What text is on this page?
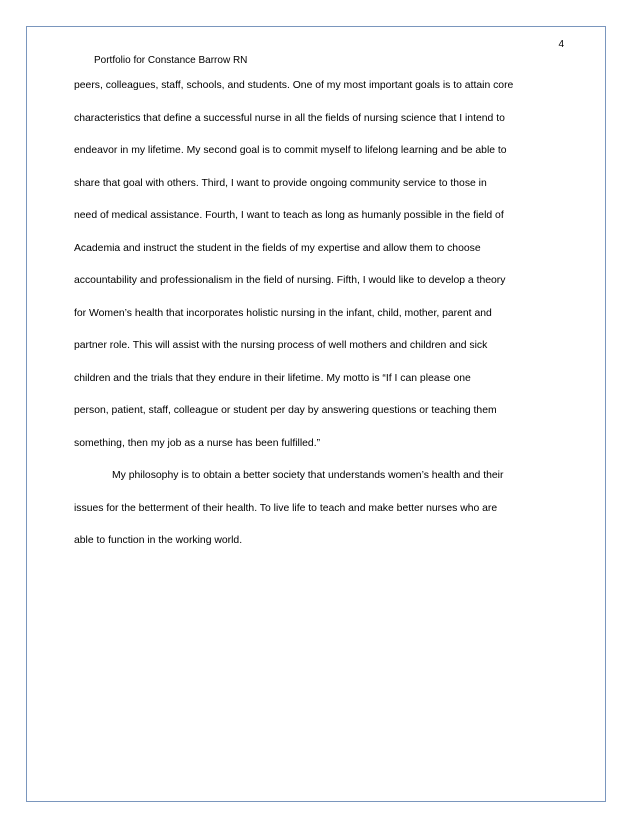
4
Portfolio for Constance Barrow RN
peers, colleagues, staff, schools, and students. One of my most important goals is to attain core
characteristics that define a successful nurse in all the fields of nursing science that I intend to
endeavor in my lifetime. My second goal is to commit myself to lifelong learning and be able to
share that goal with others. Third, I want to provide ongoing community service to those in
need of medical assistance. Fourth, I want to teach as long as humanly possible in the field of
Academia and instruct the student in the fields of my expertise and allow them to choose
accountability and professionalism in the field of nursing. Fifth, I would like to develop a theory
for Women’s health that incorporates holistic nursing in the infant, child, mother, parent and
partner role. This will assist with the nursing process of well mothers and children and sick
children and the trials that they endure in their lifetime. My motto is “If I can please one
person, patient, staff, colleague or student per day by answering questions or teaching them
something, then my job as a nurse has been fulfilled.”
My philosophy is to obtain a better society that understands women’s health and their
issues for the betterment of their health. To live life to teach and make better nurses who are
able to function in the working world.
